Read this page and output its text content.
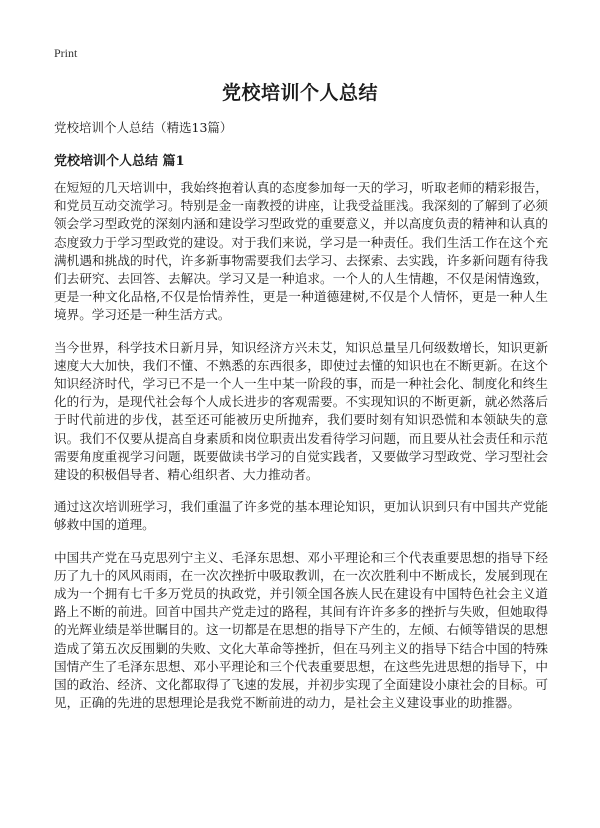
Print
党校培训个人总结

党校培训个人总结（精选13篇）

党校培训个人总结 篇1

在短短的几天培训中，我始终抱着认真的态度参加每一天的学习，听取老师的精彩报告，和党员互动交流学习。特别是金一南教授的讲座，让我受益匪浅。我深刻的了解到了必须领会学习型政党的深刻内涵和建设学习型政党的重要意义，并以高度负责的精神和认真的态度致力于学习型政党的建设。对于我们来说，学习是一种责任。我们生活工作在这个充满机遇和挑战的时代，许多新事物需要我们去学习、去探索、去实践，许多新问题有待我们去研究、去回答、去解决。学习又是一种追求。一个人的人生情趣，不仅是闲情逸致，更是一种文化品格,不仅是怡情养性，更是一种道德建树,不仅是个人情怀，更是一种人生境界。学习还是一种生活方式。

当今世界，科学技术日新月异，知识经济方兴未艾，知识总量呈几何级数增长，知识更新速度大大加快，我们不懂、不熟悉的东西很多，即使过去懂的知识也在不断更新。在这个知识经济时代，学习已不是一个人一生中某一阶段的事，而是一种社会化、制度化和终生化的行为，是现代社会每个人成长进步的客观需要。不实现知识的不断更新，就必然落后于时代前进的步伐，甚至还可能被历史所抛弃，我们要时刻有知识恐慌和本领缺失的意识。我们不仅要从提高自身素质和岗位职责出发看待学习问题，而且要从社会责任和示范需要角度重视学习问题，既要做读书学习的自觉实践者，又要做学习型政党、学习型社会建设的积极倡导者、精心组织者、大力推动者。

通过这次培训班学习，我们重温了许多党的基本理论知识，更加认识到只有中国共产党能够救中国的道理。

中国共产党在马克思列宁主义、毛泽东思想、邓小平理论和三个代表重要思想的指导下经历了九十的风风雨雨，在一次次挫折中吸取教训，在一次次胜利中不断成长，发展到现在成为一个拥有七千多万党员的执政党，并引领全国各族人民在建设有中国特色社会主义道路上不断的前进。回首中国共产党走过的路程，其间有许许多多的挫折与失败，但她取得的光辉业绩是举世瞩目的。这一切都是在思想的指导下产生的，左倾、右倾等错误的思想造成了第五次反围剿的失败、文化大革命等挫折，但在马列主义的指导下结合中国的特殊国情产生了毛泽东思想、邓小平理论和三个代表重要思想，在这些先进思想的指导下，中国的政治、经济、文化都取得了飞速的发展，并初步实现了全面建设小康社会的目标。可见，正确的先进的思想理论是我党不断前进的动力，是社会主义建设事业的助推器。
